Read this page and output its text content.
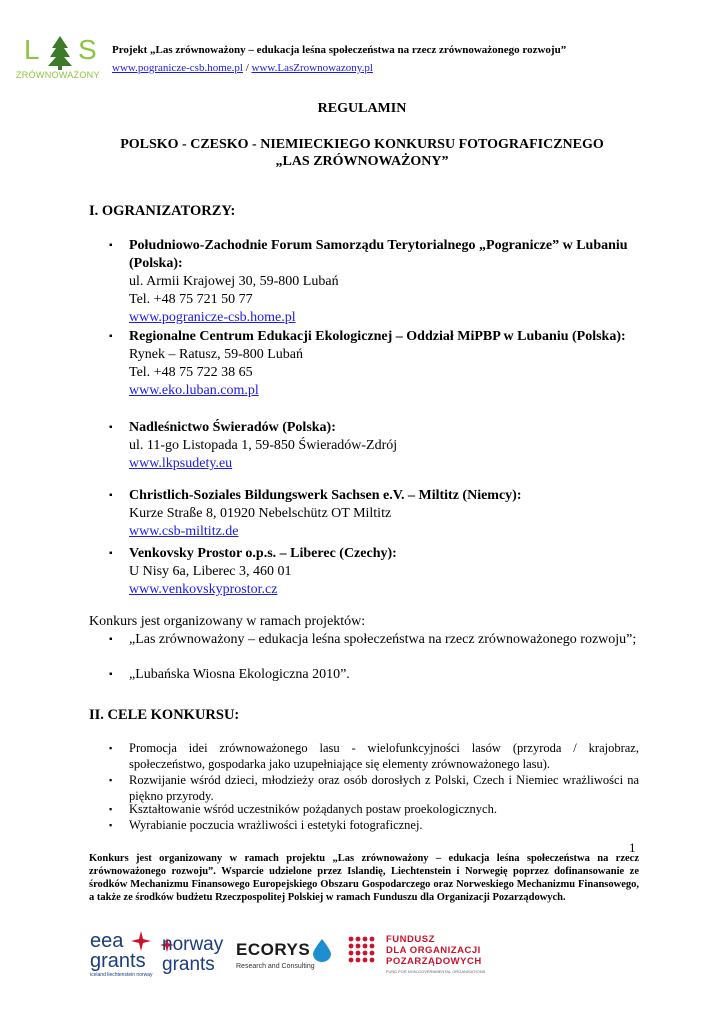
L S
ZRÓWNOWAŻONY
Projekt „Las zrównoważony – edukacja leśna społeczeństwa na rzecz zrównoważonego rozwoju”
www.pogranicze-csb.home.pl / www.LasZrownowazony.pl
REGULAMIN
POLSKO - CZESKO - NIEMIECKIEGO KONKURSU FOTOGRAFICZNEGO
„LAS ZRÓWNOWAŻONY”
I. OGRANIZATORZY:
▪ Południowo-Zachodnie Forum Samorządu Terytorialnego „Pogranicze” w Lubaniu (Polska):
ul. Armii Krajowej 30, 59-800 Lubań
Tel. +48 75 721 50 77
www.pogranicze-csb.home.pl
▪ Regionalne Centrum Edukacji Ekologicznej – Oddział MiPBP w Lubaniu (Polska):
Rynek – Ratusz, 59-800 Lubań
Tel. +48 75 722 38 65
www.eko.luban.com.pl
▪ Nadleśnictwo Świeradów (Polska):
ul. 11-go Listopada 1, 59-850 Świeradów-Zdrój
www.lkpsudety.eu
▪ Christlich-Soziales Bildungswerk Sachsen e.V. – Miltitz (Niemcy):
Kurze Straße 8, 01920 Nebelschütz OT Miltitz
www.csb-miltitz.de
▪ Venkovsky Prostor o.p.s. – Liberec (Czechy):
U Nisy 6a, Liberec 3, 460 01
www.venkovskyprostor.cz
Konkurs jest organizowany w ramach projektów:
▪ „Las zrównoważony – edukacja leśna społeczeństwa na rzecz zrównoważonego rozwoju”;
▪ „Lubańska Wiosna Ekologiczna 2010”.
II. CELE KONKURSU:
▪ Promocja idei zrównoważonego lasu - wielofunkcyjności lasów (przyroda / krajobraz, społeczeństwo, gospodarka jako uzupełniające się elementy zrównoważonego lasu).
▪ Rozwijanie wśród dzieci, młodzieży oraz osób dorosłych z Polski, Czech i Niemiec wrażliwości na piękno przyrody.
▪ Kształtowanie wśród uczestników pożądanych postaw proekologicznych.
▪ Wyrabianie poczucia wrażliwości i estetyki fotograficznej.
1
Konkurs jest organizowany w ramach projektu „Las zrównoważony – edukacja leśna społeczeństwa na rzecz zrównoważonego rozwoju”. Wsparcie udzielone przez Islandię, Liechtenstein i Norwegię poprzez dofinansowanie ze środków Mechanizmu Finansowego Europejskiego Obszaru Gospodarczego oraz Norweskiego Mechanizmu Finansowego, a także ze środków budżetu Rzeczpospolitej Polskiej w ramach Funduszu dla Organizacji Pozarządowych.
eea
grants
iceland liechtenstein norway
norway
grants
ECORYS
Research and Consulting
FUNDUSZ
DLA ORGANIZACJI
POZARZĄDOWYCH
FUND FOR NON-GOVERNMENTAL ORGANISATIONS
